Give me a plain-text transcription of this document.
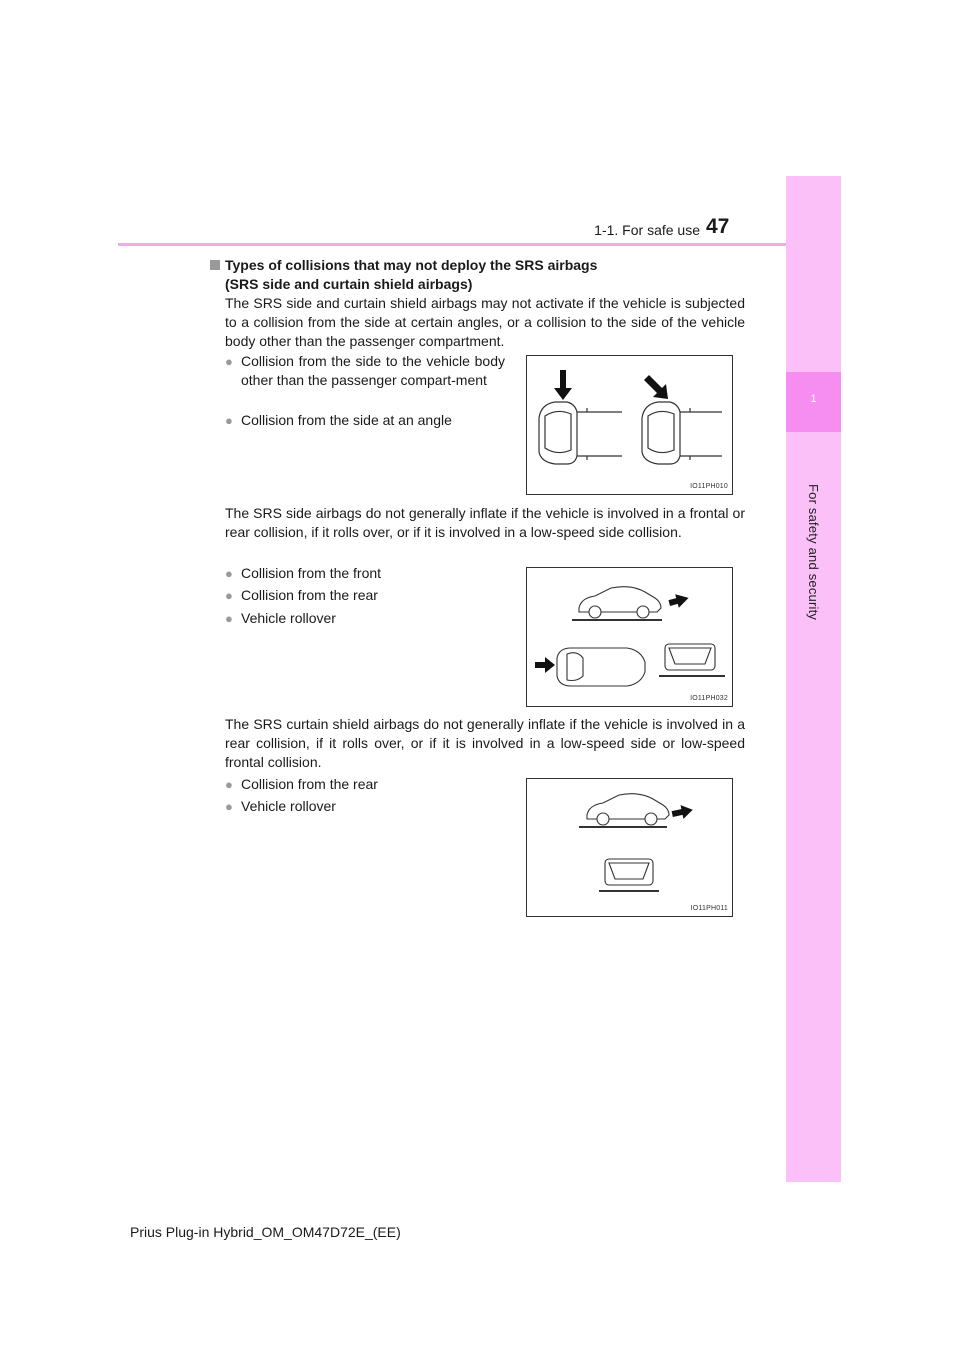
1-1. For safe use 47
1
For safety and security
Types of collisions that may not deploy the SRS airbags
(SRS side and curtain shield airbags)
The SRS side and curtain shield airbags may not activate if the vehicle is subjected to a collision from the side at certain angles, or a collision to the side of the vehicle body other than the passenger compartment.
● Collision from the side to the vehicle body other than the passenger compart-ment
● Collision from the side at an angle
IO11PH010
The SRS side airbags do not generally inflate if the vehicle is involved in a frontal or rear collision, if it rolls over, or if it is involved in a low-speed side collision.
● Collision from the front
● Collision from the rear
● Vehicle rollover
IO11PH032
The SRS curtain shield airbags do not generally inflate if the vehicle is involved in a rear collision, if it rolls over, or if it is involved in a low-speed side or low-speed frontal collision.
● Collision from the rear
● Vehicle rollover
IO11PH011
Prius Plug-in Hybrid_OM_OM47D72E_(EE)
